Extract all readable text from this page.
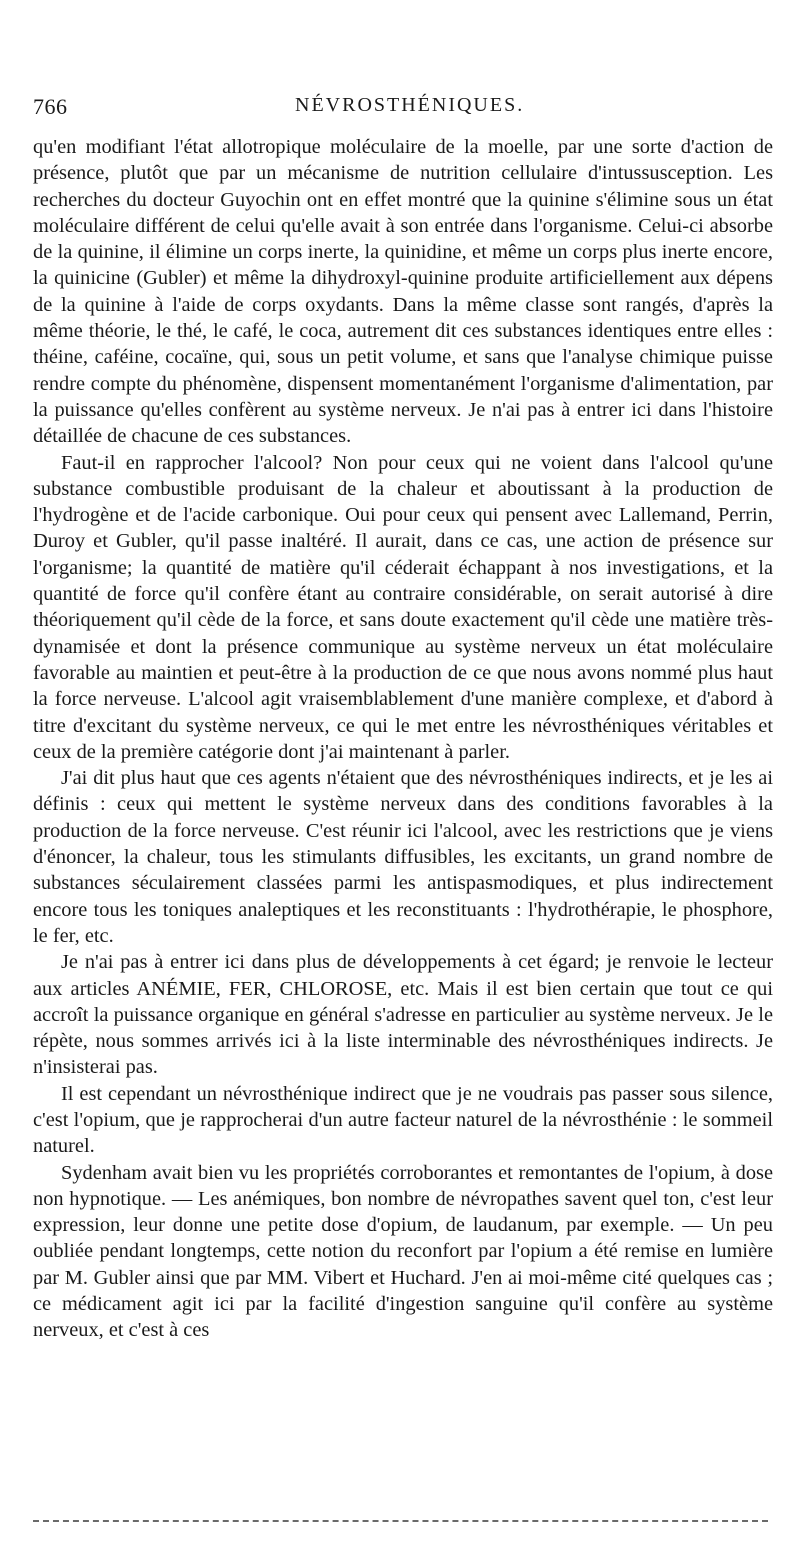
766	NÉVROSTHÉNIQUES.

qu'en modifiant l'état allotropique moléculaire de la moelle, par une sorte d'action de présence, plutôt que par un mécanisme de nutrition cellulaire d'intussusception. Les recherches du docteur Guyochin ont en effet montré que la quinine s'élimine sous un état moléculaire différent de celui qu'elle avait à son entrée dans l'organisme. Celui-ci absorbe de la quinine, il élimine un corps inerte, la quinidine, et même un corps plus inerte encore, la quinicine (Gubler) et même la dihydroxyl-quinine produite artificiellement aux dépens de la quinine à l'aide de corps oxydants. Dans la même classe sont rangés, d'après la même théorie, le thé, le café, le coca, autrement dit ces substances identiques entre elles : théine, caféine, cocaïne, qui, sous un petit volume, et sans que l'analyse chimique puisse rendre compte du phénomène, dispensent momentanément l'organisme d'alimentation, par la puissance qu'elles confèrent au système nerveux. Je n'ai pas à entrer ici dans l'histoire détaillée de chacune de ces substances.

Faut-il en rapprocher l'alcool? Non pour ceux qui ne voient dans l'alcool qu'une substance combustible produisant de la chaleur et aboutissant à la production de l'hydrogène et de l'acide carbonique. Oui pour ceux qui pensent avec Lallemand, Perrin, Duroy et Gubler, qu'il passe inaltéré. Il aurait, dans ce cas, une action de présence sur l'organisme; la quantité de matière qu'il céderait échappant à nos investigations, et la quantité de force qu'il confère étant au contraire considérable, on serait autorisé à dire théoriquement qu'il cède de la force, et sans doute exactement qu'il cède une matière très-dynamisée et dont la présence communique au système nerveux un état moléculaire favorable au maintien et peut-être à la production de ce que nous avons nommé plus haut la force nerveuse. L'alcool agit vraisemblablement d'une manière complexe, et d'abord à titre d'excitant du système nerveux, ce qui le met entre les névrosthéniques véritables et ceux de la première catégorie dont j'ai maintenant à parler.

J'ai dit plus haut que ces agents n'étaient que des névrosthéniques indirects, et je les ai définis : ceux qui mettent le système nerveux dans des conditions favorables à la production de la force nerveuse. C'est réunir ici l'alcool, avec les restrictions que je viens d'énoncer, la chaleur, tous les stimulants diffusibles, les excitants, un grand nombre de substances séculairement classées parmi les antispasmodiques, et plus indirectement encore tous les toniques analeptiques et les reconstituants : l'hydrothérapie, le phosphore, le fer, etc.

Je n'ai pas à entrer ici dans plus de développements à cet égard; je renvoie le lecteur aux articles ANÉMIE, FER, CHLOROSE, etc. Mais il est bien certain que tout ce qui accroît la puissance organique en général s'adresse en particulier au système nerveux. Je le répète, nous sommes arrivés ici à la liste interminable des névrosthéniques indirects. Je n'insisterai pas.

Il est cependant un névrosthénique indirect que je ne voudrais pas passer sous silence, c'est l'opium, que je rapprocherai d'un autre facteur naturel de la névrosthénie : le sommeil naturel.

Sydenham avait bien vu les propriétés corroborantes et remontantes de l'opium, à dose non hypnotique. — Les anémiques, bon nombre de névropathes savent quel ton, c'est leur expression, leur donne une petite dose d'opium, de laudanum, par exemple. — Un peu oubliée pendant longtemps, cette notion du reconfort par l'opium a été remise en lumière par M. Gubler ainsi que par MM. Vibert et Huchard. J'en ai moi-même cité quelques cas ; ce médicament agit ici par la facilité d'ingestion sanguine qu'il confère au système nerveux, et c'est à ces
